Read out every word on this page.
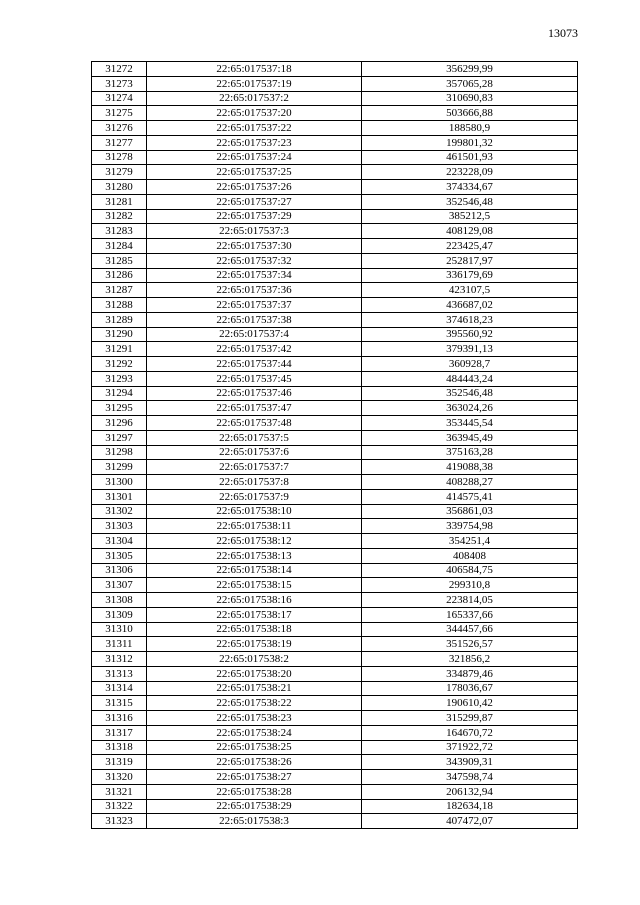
13073
31272	22:65:017537:18	356299,99
31273	22:65:017537:19	357065,28
31274	22:65:017537:2	310690,83
31275	22:65:017537:20	503666,88
31276	22:65:017537:22	188580,9
31277	22:65:017537:23	199801,32
31278	22:65:017537:24	461501,93
31279	22:65:017537:25	223228,09
31280	22:65:017537:26	374334,67
31281	22:65:017537:27	352546,48
31282	22:65:017537:29	385212,5
31283	22:65:017537:3	408129,08
31284	22:65:017537:30	223425,47
31285	22:65:017537:32	252817,97
31286	22:65:017537:34	336179,69
31287	22:65:017537:36	423107,5
31288	22:65:017537:37	436687,02
31289	22:65:017537:38	374618,23
31290	22:65:017537:4	395560,92
31291	22:65:017537:42	379391,13
31292	22:65:017537:44	360928,7
31293	22:65:017537:45	484443,24
31294	22:65:017537:46	352546,48
31295	22:65:017537:47	363024,26
31296	22:65:017537:48	353445,54
31297	22:65:017537:5	363945,49
31298	22:65:017537:6	375163,28
31299	22:65:017537:7	419088,38
31300	22:65:017537:8	408288,27
31301	22:65:017537:9	414575,41
31302	22:65:017538:10	356861,03
31303	22:65:017538:11	339754,98
31304	22:65:017538:12	354251,4
31305	22:65:017538:13	408408
31306	22:65:017538:14	406584,75
31307	22:65:017538:15	299310,8
31308	22:65:017538:16	223814,05
31309	22:65:017538:17	165337,66
31310	22:65:017538:18	344457,66
31311	22:65:017538:19	351526,57
31312	22:65:017538:2	321856,2
31313	22:65:017538:20	334879,46
31314	22:65:017538:21	178036,67
31315	22:65:017538:22	190610,42
31316	22:65:017538:23	315299,87
31317	22:65:017538:24	164670,72
31318	22:65:017538:25	371922,72
31319	22:65:017538:26	343909,31
31320	22:65:017538:27	347598,74
31321	22:65:017538:28	206132,94
31322	22:65:017538:29	182634,18
31323	22:65:017538:3	407472,07
